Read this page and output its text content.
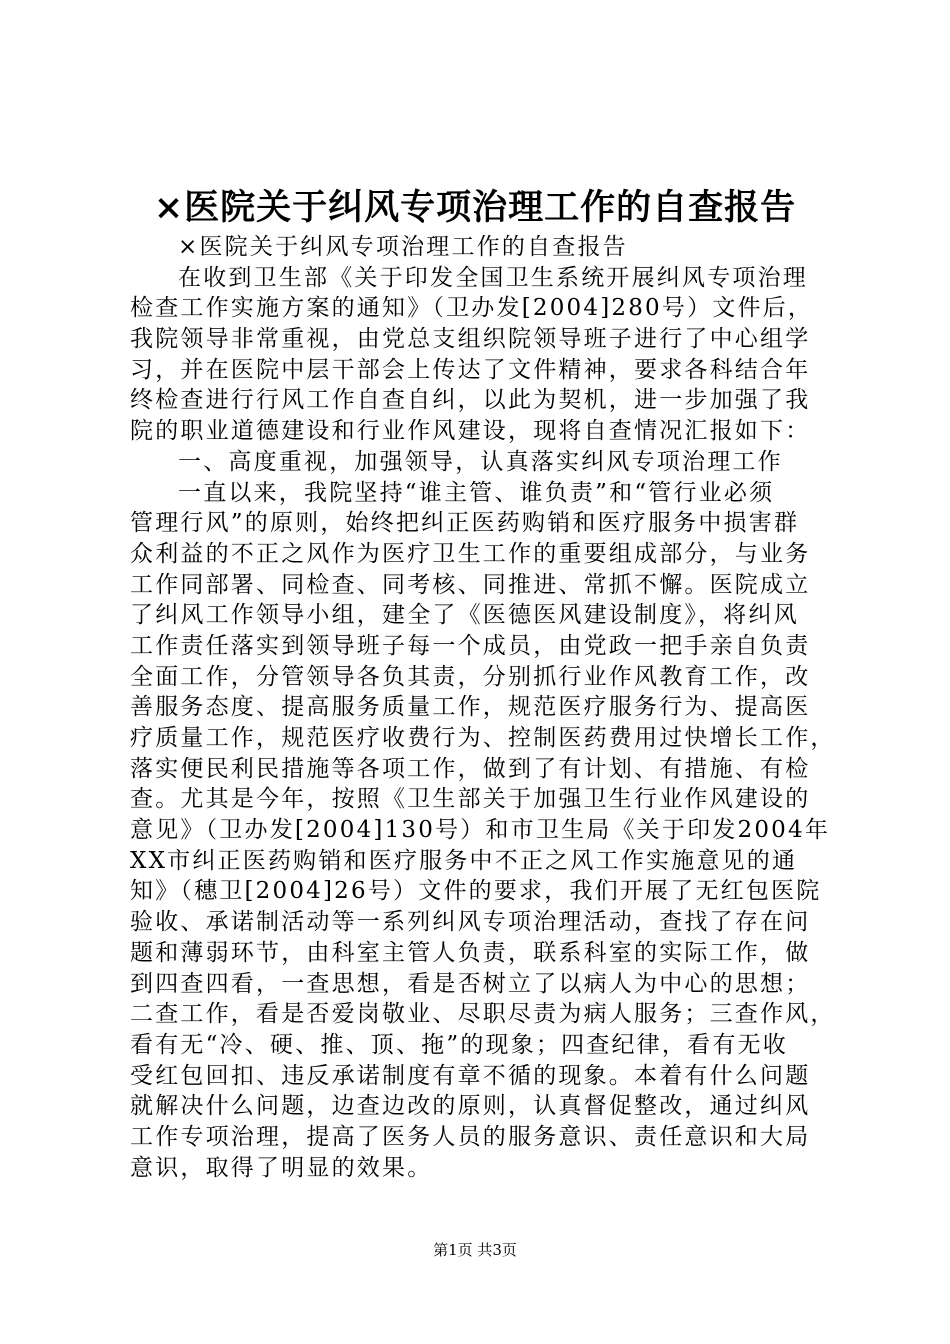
×医院关于纠风专项治理工作的自查报告
×医院关于纠风专项治理工作的自查报告
在收到卫生部《关于印发全国卫生系统开展纠风专项治理
检查工作实施方案的通知》（卫办发[2004]280号）文件后，
我院领导非常重视，由党总支组织院领导班子进行了中心组学
习，并在医院中层干部会上传达了文件精神，要求各科结合年
终检查进行行风工作自查自纠，以此为契机，进一步加强了我
院的职业道德建设和行业作风建设，现将自查情况汇报如下：
一、高度重视，加强领导，认真落实纠风专项治理工作
一直以来，我院坚持“谁主管、谁负责”和“管行业必须
管理行风”的原则，始终把纠正医药购销和医疗服务中损害群
众利益的不正之风作为医疗卫生工作的重要组成部分，与业务
工作同部署、同检查、同考核、同推进、常抓不懈。医院成立
了纠风工作领导小组，建全了《医德医风建设制度》，将纠风
工作责任落实到领导班子每一个成员，由党政一把手亲自负责
全面工作，分管领导各负其责，分别抓行业作风教育工作，改
善服务态度、提高服务质量工作，规范医疗服务行为、提高医
疗质量工作，规范医疗收费行为、控制医药费用过快增长工作，
落实便民利民措施等各项工作，做到了有计划、有措施、有检
查。尤其是今年，按照《卫生部关于加强卫生行业作风建设的
意见》（卫办发[2004]130号）和市卫生局《关于印发2004年
XX市纠正医药购销和医疗服务中不正之风工作实施意见的通
知》（穗卫[2004]26号）文件的要求，我们开展了无红包医院
验收、承诺制活动等一系列纠风专项治理活动，查找了存在问
题和薄弱环节，由科室主管人负责，联系科室的实际工作，做
到四查四看，一查思想，看是否树立了以病人为中心的思想；
二查工作，看是否爱岗敬业、尽职尽责为病人服务；三查作风，
看有无“冷、硬、推、顶、拖”的现象；四查纪律，看有无收
受红包回扣、违反承诺制度有章不循的现象。本着有什么问题
就解决什么问题，边查边改的原则，认真督促整改，通过纠风
工作专项治理，提高了医务人员的服务意识、责任意识和大局
意识，取得了明显的效果。
第1页 共3页
